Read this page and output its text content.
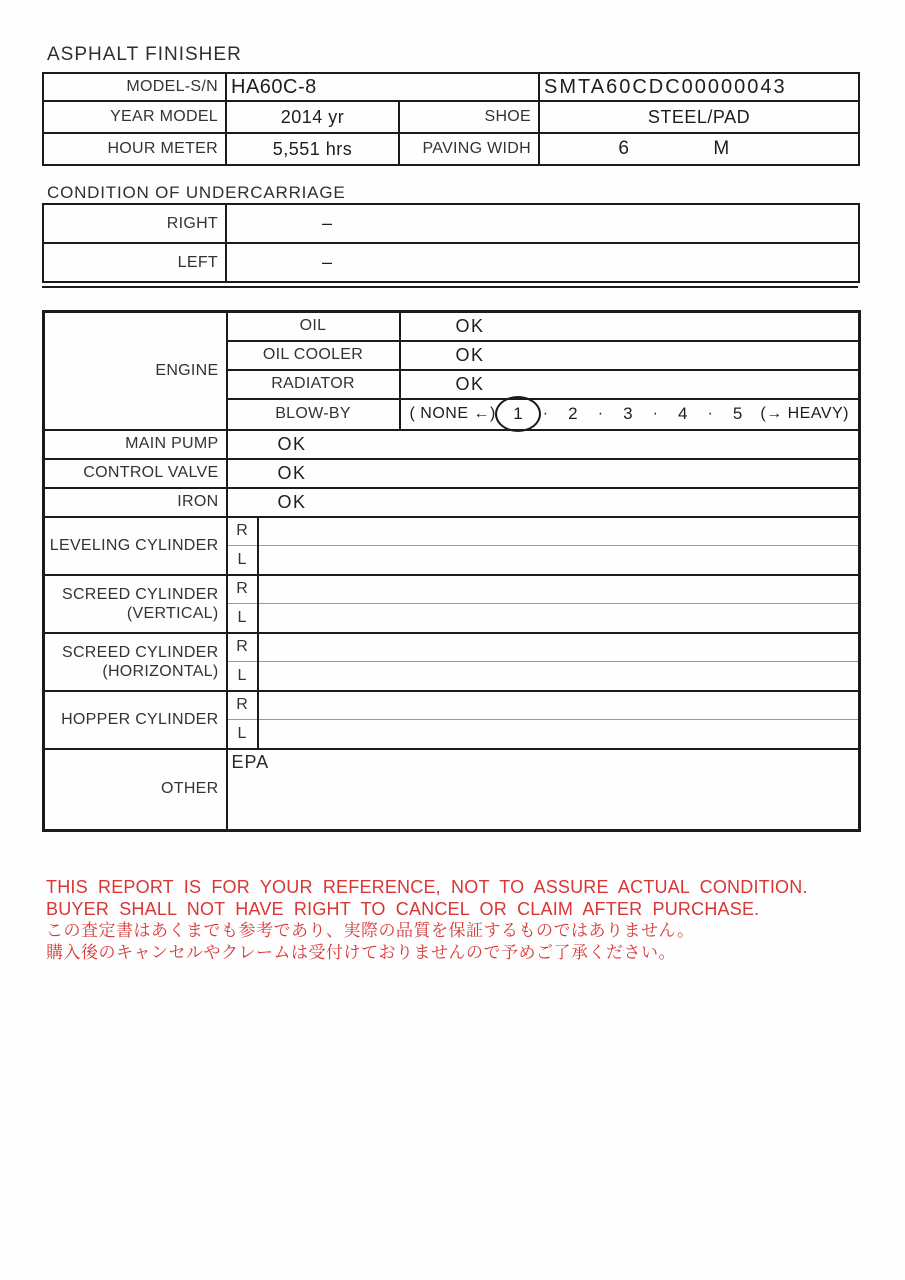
ASPHALT FINISHER
MODEL-S/N	HA60C-8		SMTA60CDC00000043
YEAR MODEL	2014 yr	SHOE	STEEL/PAD
HOUR METER	5,551 hrs	PAVING WIDH	6 M
CONDITION OF UNDERCARRIAGE
RIGHT	–
LEFT	–
ENGINE	OIL		OK
	OIL COOLER		OK
	RADIATOR		OK
BLOW-BY	( NONE ←)	1	·	2	·	3	·	4	·	5	(→ HEAVY)

MAIN PUMP	OK		
CONTROL VALVE	OK		
IRON	OK		

LEVELING CYLINDER	R		
	L		

SCREED CYLINDER
(VERTICAL)	R		
	L		

SCREED CYLINDER
(HORIZONTAL)	R		
	L		

HOPPER CYLINDER	R		
	L		
OTHER	EPA		
THIS REPORT IS FOR YOUR REFERENCE, NOT TO ASSURE ACTUAL CONDITION.
BUYER SHALL NOT HAVE RIGHT TO CANCEL OR CLAIM AFTER PURCHASE.
この査定書はあくまでも参考であり、実際の品質を保証するものではありません。
購入後のキャンセルやクレームは受付けておりませんので予めご了承ください。
